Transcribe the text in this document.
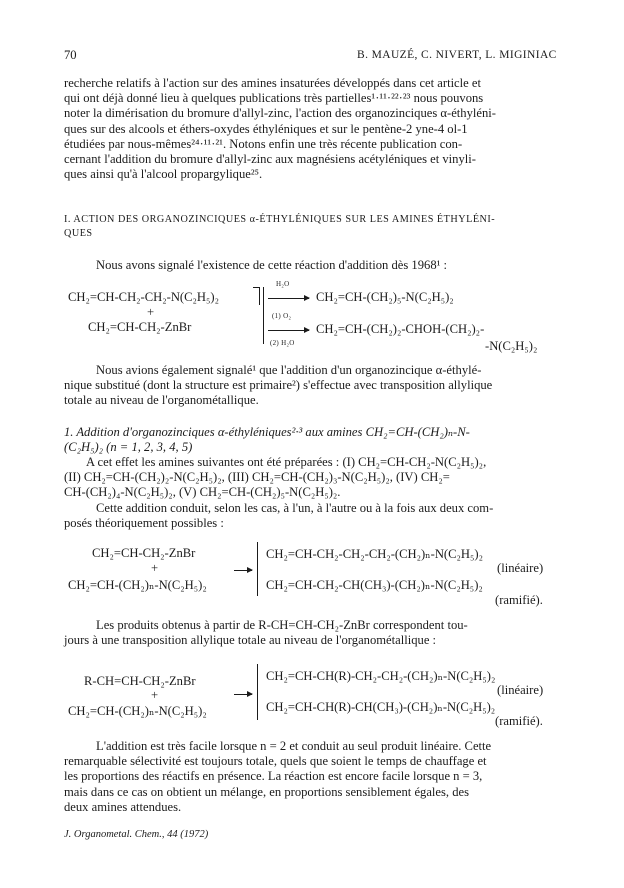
70	B. MAUZÉ, C. NIVERT, L. MIGINIAC
recherche relatifs à l'action sur des amines insaturées développés dans cet article et
qui ont déjà donné lieu à quelques publications très partielles¹·¹¹·²²·²³ nous pouvons
noter la dimérisation du bromure d'allyl-zinc, l'action des organozinciques α-éthyléni-
ques sur des alcools et éthers-oxydes éthyléniques et sur le pentène-2 yne-4 ol-1
étudiées par nous-mêmes²⁴·¹¹·²¹. Notons enfin une très récente publication con-
cernant l'addition du bromure d'allyl-zinc aux magnésiens acétyléniques et vinyli-
ques ainsi qu'à l'alcool propargylique²⁵.
I. ACTION DES ORGANOZINCIQUES α-ÉTHYLÉNIQUES SUR LES AMINES ÉTHYLÉNI-
QUES
Nous avons signalé l'existence de cette réaction d'addition dès 1968¹ :
CH₂=CH-CH₂-CH₂-N(C₂H₅)₂
+
CH₂=CH-CH₂-ZnBr
H₂O
(1) O₂
(2) H₂O
CH₂=CH-(CH₂)₅-N(C₂H₅)₂
CH₂=CH-(CH₂)₂-CHOH-(CH₂)₂-
-N(C₂H₅)₂
Nous avions également signalé¹ que l'addition d'un organozincique α-éthylé-
nique substitué (dont la structure est primaire²) s'effectue avec transposition allylique
totale au niveau de l'organométallique.
1. Addition d'organozinciques α-éthyléniques²·³ aux amines CH₂=CH-(CH₂)ₙ-N-
(C₂H₅)₂ (n = 1, 2, 3, 4, 5)
A cet effet les amines suivantes ont été préparées : (I) CH₂=CH-CH₂-N(C₂H₅)₂,
(II) CH₂=CH-(CH₂)₂-N(C₂H₅)₂, (III) CH₂=CH-(CH₂)₃-N(C₂H₅)₂, (IV) CH₂=
CH-(CH₂)₄-N(C₂H₅)₂, (V) CH₂=CH-(CH₂)₅-N(C₂H₅)₂.
Cette addition conduit, selon les cas, à l'un, à l'autre ou à la fois aux deux com-
posés théoriquement possibles :
CH₂=CH-CH₂-ZnBr
+
CH₂=CH-(CH₂)ₙ-N(C₂H₅)₂
CH₂=CH-CH₂-CH₂-CH₂-(CH₂)ₙ-N(C₂H₅)₂
(linéaire)
CH₂=CH-CH₂-CH(CH₃)-(CH₂)ₙ-N(C₂H₅)₂
(ramifié).
Les produits obtenus à partir de R-CH=CH-CH₂-ZnBr correspondent tou-
jours à une transposition allylique totale au niveau de l'organométallique :
R-CH=CH-CH₂-ZnBr
+
CH₂=CH-(CH₂)ₙ-N(C₂H₅)₂
CH₂=CH-CH(R)-CH₂-CH₂-(CH₂)ₙ-N(C₂H₅)₂
(linéaire)
CH₂=CH-CH(R)-CH(CH₃)-(CH₂)ₙ-N(C₂H₅)₂
(ramifié).
L'addition est très facile lorsque n = 2 et conduit au seul produit linéaire. Cette
remarquable sélectivité est toujours totale, quels que soient le temps de chauffage et
les proportions des réactifs en présence. La réaction est encore facile lorsque n = 3,
mais dans ce cas on obtient un mélange, en proportions sensiblement égales, des
deux amines attendues.
J. Organometal. Chem., 44 (1972)
